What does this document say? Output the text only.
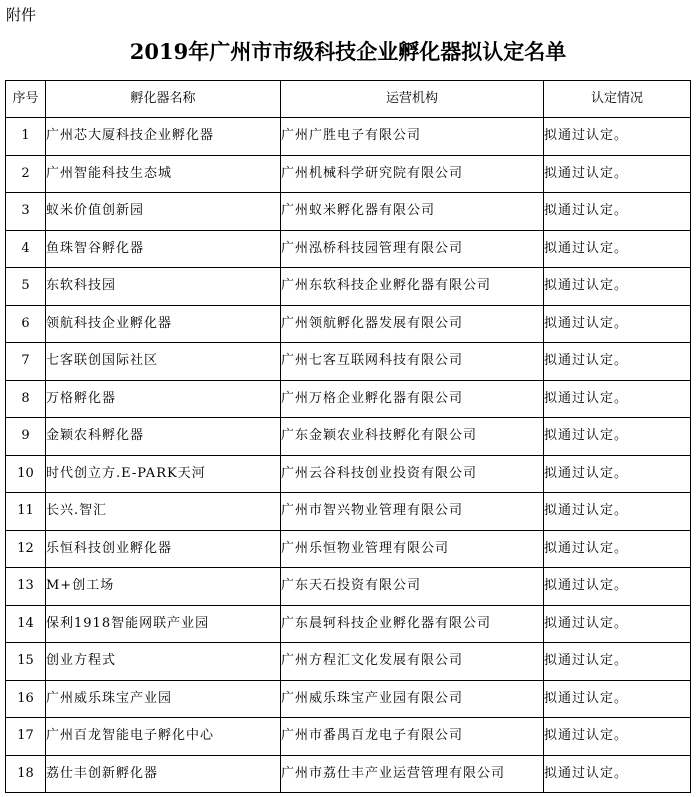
附件
2019年广州市市级科技企业孵化器拟认定名单
序号	孵化器名称	运营机构	认定情况
1	广州芯大厦科技企业孵化器	广州广胜电子有限公司	拟通过认定。
2	广州智能科技生态城	广州机械科学研究院有限公司	拟通过认定。
3	蚁米价值创新园	广州蚁米孵化器有限公司	拟通过认定。
4	鱼珠智谷孵化器	广州泓桥科技园管理有限公司	拟通过认定。
5	东软科技园	广州东软科技企业孵化器有限公司	拟通过认定。
6	领航科技企业孵化器	广州领航孵化器发展有限公司	拟通过认定。
7	七客联创国际社区	广州七客互联网科技有限公司	拟通过认定。
8	万格孵化器	广州万格企业孵化器有限公司	拟通过认定。
9	金颖农科孵化器	广东金颖农业科技孵化有限公司	拟通过认定。
10	时代创立方.E-PARK天河	广州云谷科技创业投资有限公司	拟通过认定。
11	长兴.智汇	广州市智兴物业管理有限公司	拟通过认定。
12	乐恒科技创业孵化器	广州乐恒物业管理有限公司	拟通过认定。
13	M+创工场	广东天石投资有限公司	拟通过认定。
14	保利1918智能网联产业园	广东晨轲科技企业孵化器有限公司	拟通过认定。
15	创业方程式	广州方程汇文化发展有限公司	拟通过认定。
16	广州威乐珠宝产业园	广州威乐珠宝产业园有限公司	拟通过认定。
17	广州百龙智能电子孵化中心	广州市番禺百龙电子有限公司	拟通过认定。
18	荔仕丰创新孵化器	广州市荔仕丰产业运营管理有限公司	拟通过认定。
